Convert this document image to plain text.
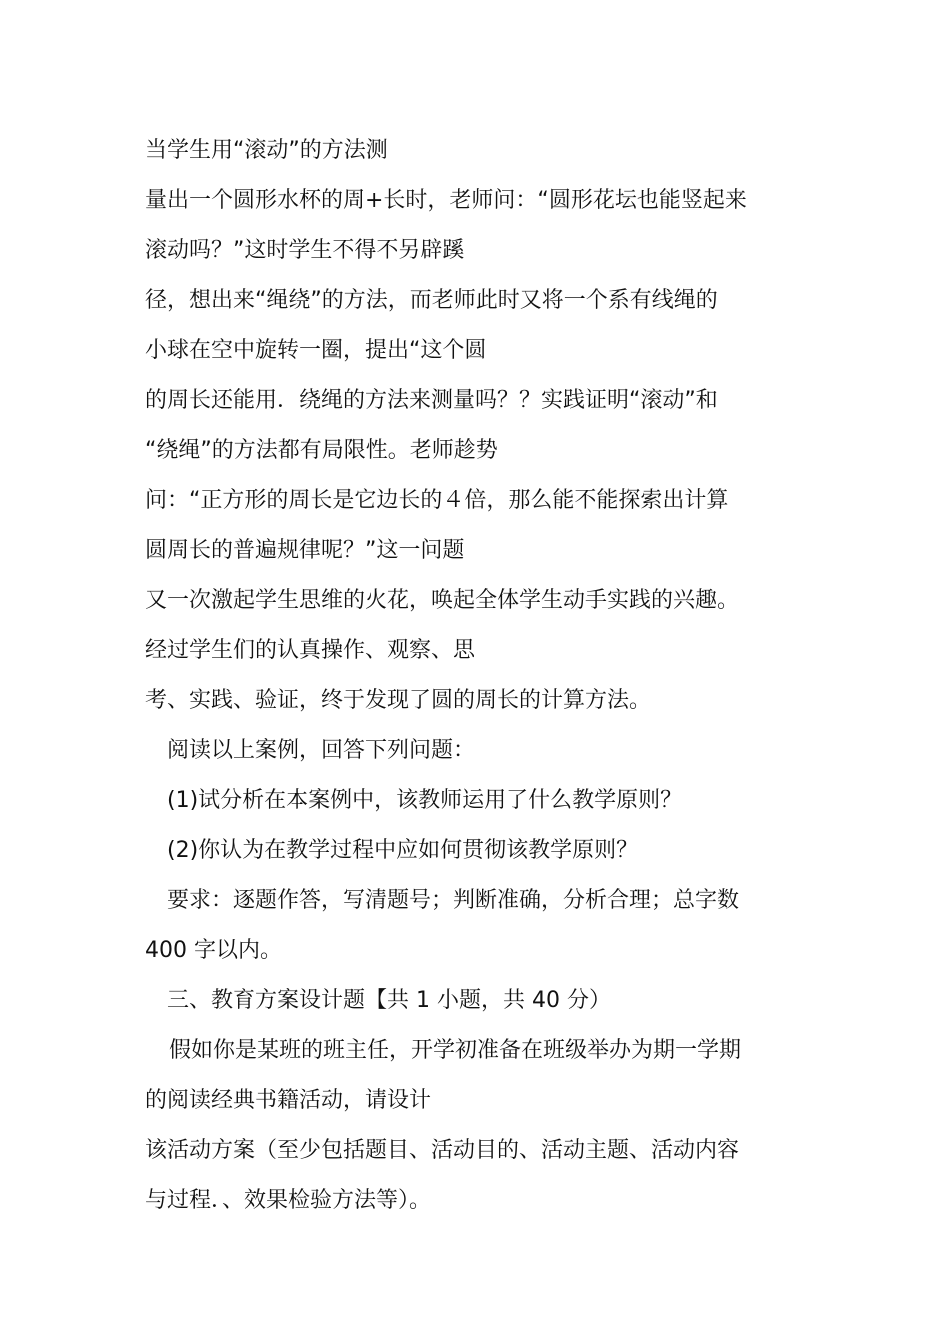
当学生用“滚动”的方法测
量出一个圆形水杯的周+长时，老师问：“圆形花坛也能竖起来
滚动吗？”这时学生不得不另辟蹊
径，想出来“绳绕”的方法，而老师此时又将一个系有线绳的
小球在空中旋转一圈，提出“这个圆
的周长还能用．绕绳的方法来测量吗？？实践证明“滚动”和
“绕绳”的方法都有局限性。老师趁势
问：“正方形的周长是它边长的４倍，那么能不能探索出计算
圆周长的普遍规律呢？”这一问题
又一次激起学生思维的火花，唤起全体学生动手实践的兴趣。
经过学生们的认真操作、观察、思
考、实践、验证，终于发现了圆的周长的计算方法。
阅读以上案例，回答下列问题：
(1)试分析在本案例中，该教师运用了什么教学原则？
(2)你认为在教学过程中应如何贯彻该教学原则？
要求：逐题作答，写清题号；判断准确，分析合理；总字数
400 字以内。
三、教育方案设计题【共 1 小题，共 40 分）
假如你是某班的班主任，开学初准备在班级举办为期一学期
的阅读经典书籍活动，请设计
该活动方案（至少包括题目、活动目的、活动主题、活动内容
与过程．、效果检验方法等）。
